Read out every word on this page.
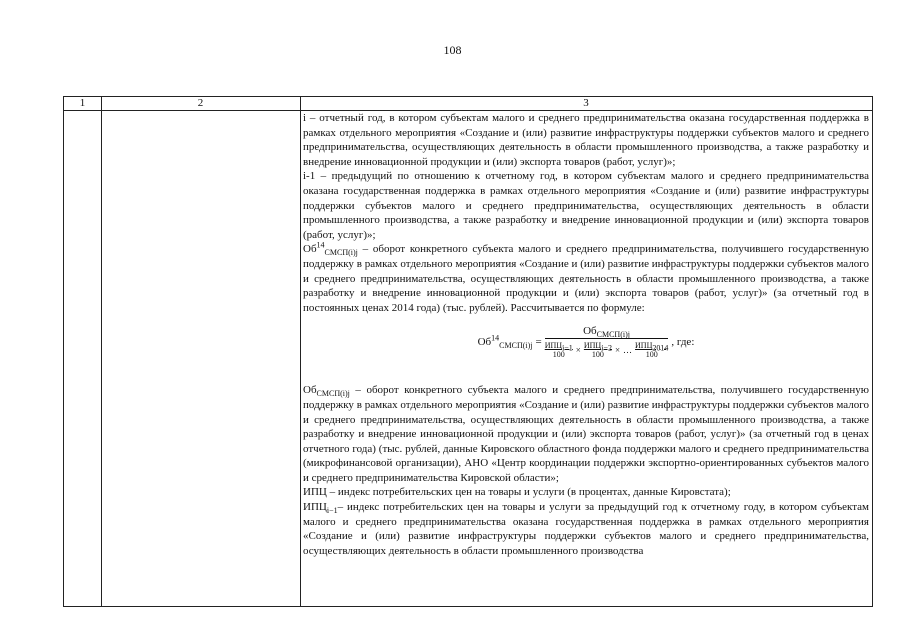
108
1	2	3

i – отчетный год, в котором субъектам малого и среднего предпринимательства оказана государственная поддержка в рамках отдельного мероприятия «Создание и (или) развитие инфраструктуры поддержки субъектов малого и среднего предпринимательства, осуществляющих деятельность в области промышленного производства, а также разработку и внедрение инновационной продукции и (или) экспорта товаров (работ, услуг)»;

i-1 – предыдущий по отношению к отчетному год, в котором субъектам малого и среднего предпринимательства оказана государственная поддержка в рамках отдельного мероприятия «Создание и (или) развитие инфраструктуры поддержки субъектов малого и среднего предпринимательства, осуществляющих деятельность в области промышленного производства, а также разработку и внедрение инновационной продукции и (или) экспорта товаров (работ, услуг)»;

$Об^{14}_{СМСП(i)j}$ – оборот конкретного субъекта малого и среднего предпринимательства, получившего государственную поддержку в рамках отдельного мероприятия «Создание и (или) развитие инфраструктуры поддержки субъектов малого и среднего предпринимательства, осуществляющих деятельность в области промышленного производства, а также разработку и внедрение инновационной продукции и (или) экспорта товаров (работ, услуг)» (за отчетный год в постоянных ценах 2014 года) (тыс. рублей). Рассчитывается по формуле:

$Об^{14}_{СМСП(i)j}$ =
$Об_{СМСП(i)j}$
$ИПЦ_{i-1}$
$100 \times ИПЦ_{i-2}$
100 × … $ИПЦ_{2014}$
100
, где:

$Об_{СМСП(i)j}$ – оборот конкретного субъекта малого и среднего предпринимательства, получившего государственную поддержку в рамках отдельного мероприятия «Создание и (или) развитие инфраструктуры поддержки субъектов малого и среднего предпринимательства, осуществляющих деятельность в области промышленного производства, а также разработку и внедрение инновационной продукции и (или) экспорта товаров (работ, услуг)» (за отчетный год в ценах отчетного года) (тыс. рублей, данные Кировского областного фонда поддержки малого и среднего предпринимательства (микрофинансовой организации), АНО «Центр координации поддержки экспортно-ориентированных субъектов малого и среднего предпринимательства Кировской области»;

ИПЦ – индекс потребительских цен на товары и услуги (в процентах, данные Кировстата);

$ИПЦ_{i-1}-$ индекс потребительских цен на товары и услуги за предыдущий год к отчетному году, в котором субъектам малого и среднего предпринимательства оказана государственная поддержка в рамках отдельного мероприятия «Создание и (или) развитие инфраструктуры поддержки субъектов малого и среднего предпринимательства, осуществляющих деятельность в области промышленного производства
